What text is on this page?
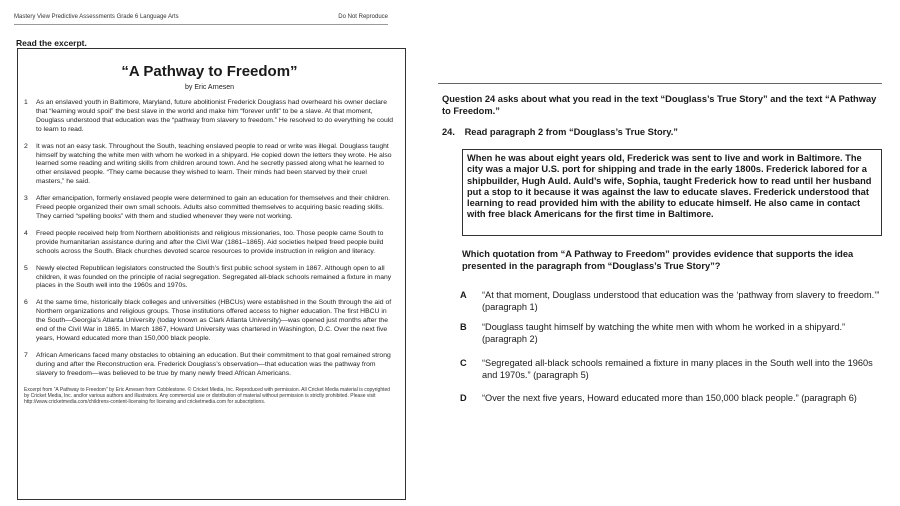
Mastery View Predictive Assessments Grade 6 Language Arts	Do Not Reproduce
Read the excerpt.
“A Pathway to Freedom”
by Eric Arnesen
1	As an enslaved youth in Baltimore, Maryland, future abolitionist Frederick Douglass had overheard his owner declare that “learning would spoil” the best slave in the world and make him “forever unfit” to be a slave. At that moment, Douglass understood that education was the “pathway from slavery to freedom.” He resolved to do everything he could to learn to read.
2	It was not an easy task. Throughout the South, teaching enslaved people to read or write was illegal. Douglass taught himself by watching the white men with whom he worked in a shipyard. He copied down the letters they wrote. He also learned some reading and writing skills from children around town. And he secretly passed along what he learned to other enslaved people. “They came because they wished to learn. Their minds had been starved by their cruel masters,” he said.
3	After emancipation, formerly enslaved people were determined to gain an education for themselves and their children. Freed people organized their own small schools. Adults also committed themselves to acquiring basic reading skills. They carried “spelling books” with them and studied whenever they were not working.
4	Freed people received help from Northern abolitionists and religious missionaries, too. Those people came South to provide humanitarian assistance during and after the Civil War (1861–1865). Aid societies helped freed people build schools across the South. Black churches devoted scarce resources to provide instruction in religion and literacy.
5	Newly elected Republican legislators constructed the South’s first public school system in 1867. Although open to all children, it was founded on the principle of racial segregation. Segregated all-black schools remained a fixture in many places in the South well into the 1960s and 1970s.
6	At the same time, historically black colleges and universities (HBCUs) were established in the South through the aid of Northern organizations and religious groups. Those institutions offered access to higher education. The first HBCU in the South—Georgia’s Atlanta University (today known as Clark Atlanta University)—was opened just months after the end of the Civil War in 1865. In March 1867, Howard University was chartered in Washington, D.C. Over the next five years, Howard educated more than 150,000 black people.
7	African Americans faced many obstacles to obtaining an education. But their commitment to that goal remained strong during and after the Reconstruction era. Frederick Douglass’s observation—that education was the pathway from slavery to freedom—was believed to be true by many newly freed African Americans.
Excerpt from “A Pathway to Freedom” by Eric Arnesen from Cobblestone. © Cricket Media, Inc. Reproduced with permission. All Cricket Media material is copyrighted by Cricket Media, Inc. and/or various authors and illustrators. Any commercial use or distribution of material without permission is strictly prohibited. Please visit http://www.cricketmedia.com/childrens-content-licensing for licensing and cricketmedia.com for subscriptions.
Question 24 asks about what you read in the text “Douglass’s True Story” and the text “A Pathway to Freedom.”
24. Read paragraph 2 from “Douglass’s True Story.”
When he was about eight years old, Frederick was sent to live and work in Baltimore. The city was a major U.S. port for shipping and trade in the early 1800s. Frederick labored for a shipbuilder, Hugh Auld. Auld’s wife, Sophia, taught Frederick how to read until her husband put a stop to it because it was against the law to educate slaves. Frederick understood that learning to read provided him with the ability to educate himself. He also came in contact with free black Americans for the first time in Baltimore.
Which quotation from “A Pathway to Freedom” provides evidence that supports the idea presented in the paragraph from “Douglass’s True Story”?
A	“At that moment, Douglass understood that education was the ‘pathway from slavery to freedom.’” (paragraph 1)
B	“Douglass taught himself by watching the white men with whom he worked in a shipyard.” (paragraph 2)
C	“Segregated all-black schools remained a fixture in many places in the South well into the 1960s and 1970s.” (paragraph 5)
D	“Over the next five years, Howard educated more than 150,000 black people.” (paragraph 6)
